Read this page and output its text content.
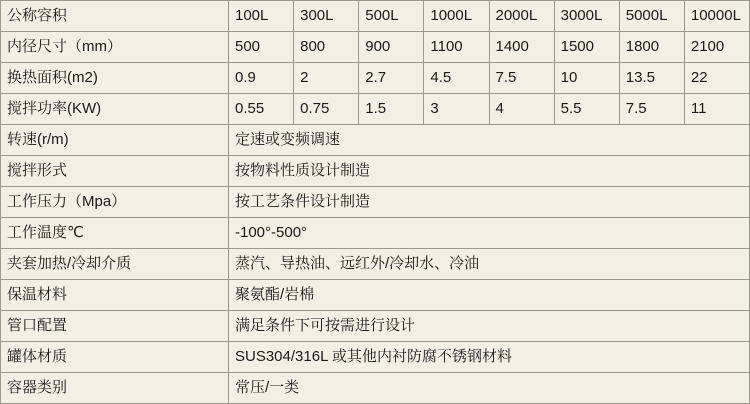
公称容积	100L	300L	500L	1000L	2000L	3000L	5000L	10000L
内径尺寸（mm）	500	800	900	1100	1400	1500	1800	2100
换热面积(m2)	0.9	2	2.7	4.5	7.5	10	13.5	22
搅拌功率(KW)	0.55	0.75	1.5	3	4	5.5	7.5	11
转速(r/m)	定速或变频调速							
搅拌形式	按物料性质设计制造							
工作压力（Mpa）	按工艺条件设计制造							
工作温度℃	-100°-500°							
夹套加热/冷却介质	蒸汽、导热油、远红外/冷却水、冷油							
保温材料	聚氨酯/岩棉							
管口配置	满足条件下可按需进行设计							
罐体材质	SUS304/316L 或其他内衬防腐不锈钢材料							
容器类别	常压/一类							
